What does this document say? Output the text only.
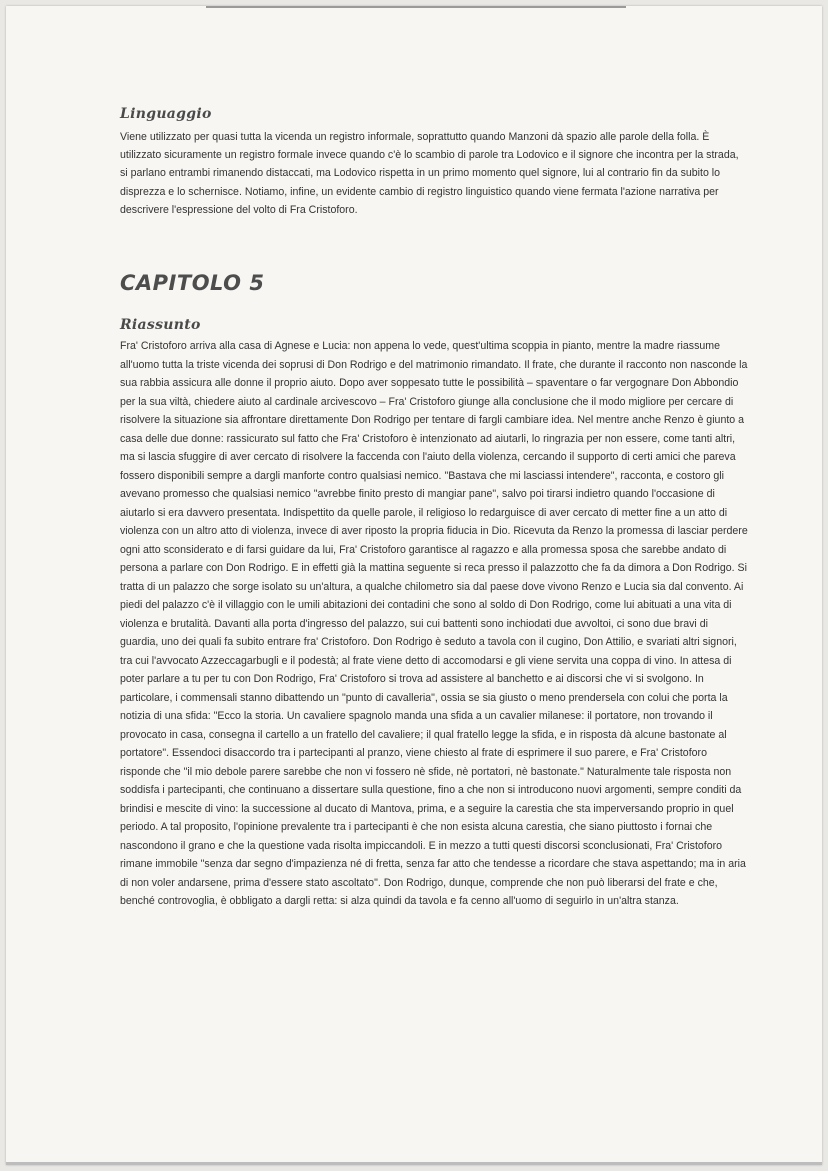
Linguaggio

Viene utilizzato per quasi tutta la vicenda un registro informale, soprattutto quando Manzoni dà spazio alle parole della folla. È utilizzato sicuramente un registro formale invece quando c'è lo scambio di parole tra Lodovico e il signore che incontra per la strada, si parlano entrambi rimanendo distaccati, ma Lodovico rispetta in un primo momento quel signore, lui al contrario fin da subito lo disprezza e lo schernisce. Notiamo, infine, un evidente cambio di registro linguistico quando viene fermata l'azione narrativa per descrivere l'espressione del volto di Fra Cristoforo.

CAPITOLO 5
Riassunto

Fra' Cristoforo arriva alla casa di Agnese e Lucia: non appena lo vede, quest'ultima scoppia in pianto, mentre la madre riassume all'uomo tutta la triste vicenda dei soprusi di Don Rodrigo e del matrimonio rimandato. Il frate, che durante il racconto non nasconde la sua rabbia assicura alle donne il proprio aiuto. Dopo aver soppesato tutte le possibilità – spaventare o far vergognare Don Abbondio per la sua viltà, chiedere aiuto al cardinale arcivescovo – Fra' Cristoforo giunge alla conclusione che il modo migliore per cercare di risolvere la situazione sia affrontare direttamente Don Rodrigo per tentare di fargli cambiare idea. Nel mentre anche Renzo è giunto a casa delle due donne: rassicurato sul fatto che Fra' Cristoforo è intenzionato ad aiutarli, lo ringrazia per non essere, come tanti altri, ma si lascia sfuggire di aver cercato di risolvere la faccenda con l'aiuto della violenza, cercando il supporto di certi amici che pareva fossero disponibili sempre a dargli manforte contro qualsiasi nemico. "Bastava che mi lasciassi intendere", racconta, e costoro gli avevano promesso che qualsiasi nemico "avrebbe finito presto di mangiar pane", salvo poi tirarsi indietro quando l'occasione di aiutarlo si era davvero presentata. Indispettito da quelle parole, il religioso lo redarguisce di aver cercato di metter fine a un atto di violenza con un altro atto di violenza, invece di aver riposto la propria fiducia in Dio. Ricevuta da Renzo la promessa di lasciar perdere ogni atto sconsiderato e di farsi guidare da lui, Fra' Cristoforo garantisce al ragazzo e alla promessa sposa che sarebbe andato di persona a parlare con Don Rodrigo. E in effetti già la mattina seguente si reca presso il palazzotto che fa da dimora a Don Rodrigo. Si tratta di un palazzo che sorge isolato su un'altura, a qualche chilometro sia dal paese dove vivono Renzo e Lucia sia dal convento. Ai piedi del palazzo c'è il villaggio con le umili abitazioni dei contadini che sono al soldo di Don Rodrigo, come lui abituati a una vita di violenza e brutalità. Davanti alla porta d'ingresso del palazzo, sui cui battenti sono inchiodati due avvoltoi, ci sono due bravi di guardia, uno dei quali fa subito entrare fra' Cristoforo. Don Rodrigo è seduto a tavola con il cugino, Don Attilio, e svariati altri signori, tra cui l'avvocato Azzeccagarbugli e il podestà; al frate viene detto di accomodarsi e gli viene servita una coppa di vino. In attesa di poter parlare a tu per tu con Don Rodrigo, Fra' Cristoforo si trova ad assistere al banchetto e ai discorsi che vi si svolgono. In particolare, i commensali stanno dibattendo un "punto di cavalleria", ossia se sia giusto o meno prendersela con colui che porta la notizia di una sfida: "Ecco la storia. Un cavaliere spagnolo manda una sfida a un cavalier milanese: il portatore, non trovando il provocato in casa, consegna il cartello a un fratello del cavaliere; il qual fratello legge la sfida, e in risposta dà alcune bastonate al portatore". Essendoci disaccordo tra i partecipanti al pranzo, viene chiesto al frate di esprimere il suo parere, e Fra' Cristoforo risponde che "il mio debole parere sarebbe che non vi fossero nè sfide, nè portatori, nè bastonate." Naturalmente tale risposta non soddisfa i partecipanti, che continuano a dissertare sulla questione, fino a che non si introducono nuovi argomenti, sempre conditi da brindisi e mescite di vino: la successione al ducato di Mantova, prima, e a seguire la carestia che sta imperversando proprio in quel periodo. A tal proposito, l'opinione prevalente tra i partecipanti è che non esista alcuna carestia, che siano piuttosto i fornai che nascondono il grano e che la questione vada risolta impiccandoli. E in mezzo a tutti questi discorsi sconclusionati, Fra' Cristoforo rimane immobile "senza dar segno d'impazienza né di fretta, senza far atto che tendesse a ricordare che stava aspettando; ma in aria di non voler andarsene, prima d'essere stato ascoltato". Don Rodrigo, dunque, comprende che non può liberarsi del frate e che, benché controvoglia, è obbligato a dargli retta: si alza quindi da tavola e fa cenno all'uomo di seguirlo in un'altra stanza.
